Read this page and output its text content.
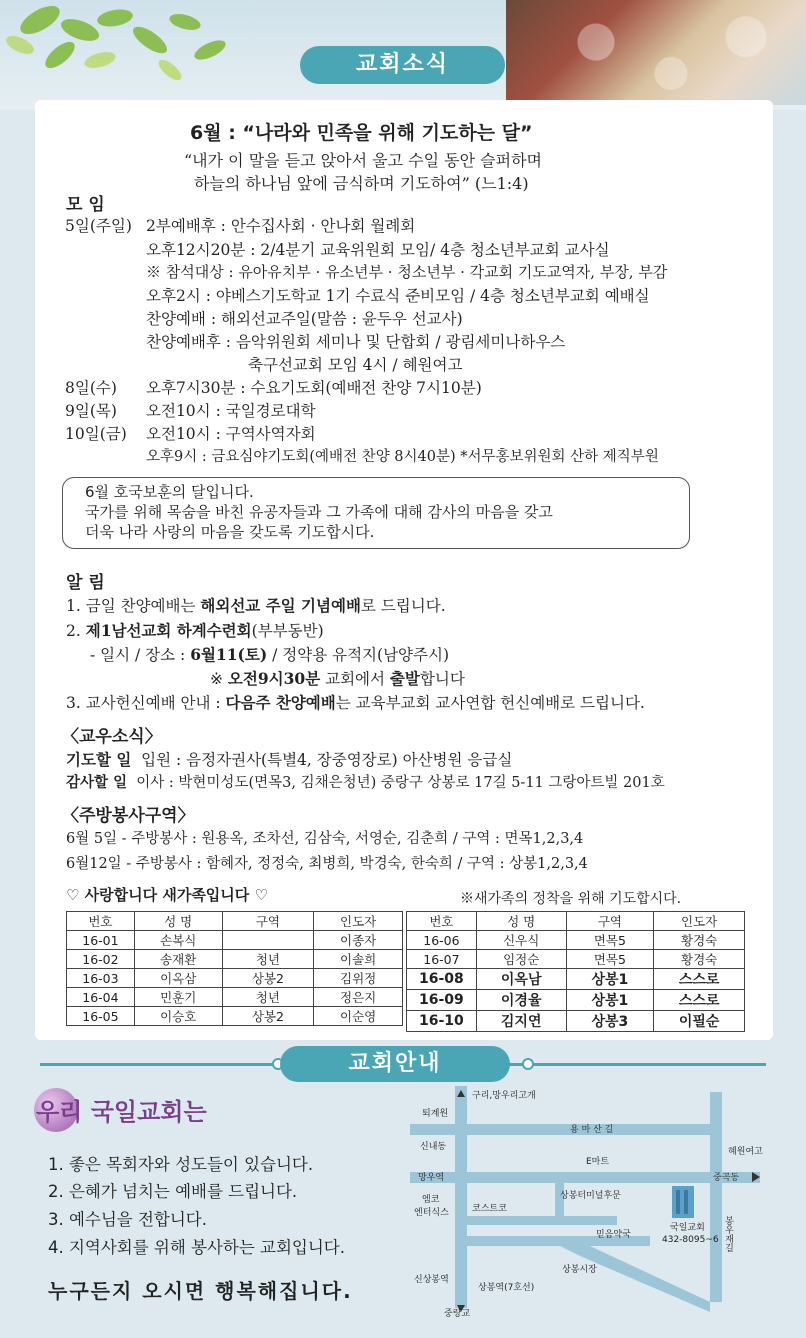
교회소식
6월 : “나라와 민족을 위해 기도하는 달”
“내가 이 말을 듣고 앉아서 울고 수일 동안 슬퍼하며
하늘의 하나님 앞에 금식하며 기도하여” (느1:4)
모 임
5일(주일) 2부예배후 : 안수집사회 · 안나회 월례회
오후12시20분 : 2/4분기 교육위원회 모임/ 4층 청소년부교회 교사실
※ 참석대상 : 유아유치부 · 유소년부 · 청소년부 · 각교회 기도교역자, 부장, 부감
오후2시 : 야베스기도학교 1기 수료식 준비모임 / 4층 청소년부교회 예배실
찬양예배 : 해외선교주일(말씀 : 윤두우 선교사)
찬양예배후 : 음악위원회 세미나 및 단합회 / 광림세미나하우스
축구선교회 모임 4시 / 혜원여고
8일(수) 오후7시30분 : 수요기도회(예배전 찬양 7시10분)
9일(목) 오전10시 : 국일경로대학
10일(금) 오전10시 : 구역사역자회
오후9시 : 금요심야기도회(예배전 찬양 8시40분) *서무홍보위원회 산하 제직부원
6월 호국보훈의 달입니다.
국가를 위해 목숨을 바친 유공자들과 그 가족에 대해 감사의 마음을 갖고
더욱 나라 사랑의 마음을 갖도록 기도합시다.
알 림
1. 금일 찬양예배는 해외선교 주일 기념예배로 드립니다.
2. 제1남선교회 하계수련회(부부동반)
- 일시 / 장소 : 6월11(토) / 정약용 유적지(남양주시)
※ 오전9시30분 교회에서 출발합니다
3. 교사헌신예배 안내 : 다음주 찬양예배는 교육부교회 교사연합 헌신예배로 드립니다.
〈교우소식〉
기도할 일 입원 : 음정자권사(특별4, 장중영장로) 아산병원 응급실
감사할 일 이사 : 박현미성도(면목3, 김채은청년) 중랑구 상봉로 17길 5-11 그랑아트빌 201호
〈주방봉사구역〉
6월 5일 - 주방봉사 : 원용옥, 조차선, 김삼숙, 서영순, 김춘희 / 구역 : 면목1,2,3,4
6월12일 - 주방봉사 : 함혜자, 정정숙, 최병희, 박경숙, 한숙희 / 구역 : 상봉1,2,3,4
♡ 사랑합니다 새가족입니다 ♡	※새가족의 정착을 위해 기도합시다.
번호	성 명	구역	인도자
16-01	손복식		이종자
16-02	송재환	청년	이솔희
16-03	이옥삼	상봉2	김위정
16-04	민훈기	청년	정은지
16-05	이승호	상봉2	이순영
번호	성 명	구역	인도자
16-06	신우식	면목5	황경숙
16-07	임정순	면목5	황경숙
16-08	이옥남	상봉1	스스로
16-09	이경율	상봉1	스스로
16-10	김지연	상봉3	이필순
교회안내
우리 국일교회는
1. 좋은 목회자와 성도들이 있습니다.
2. 은혜가 넘치는 예배를 드립니다.
3. 예수님을 전합니다.
4. 지역사회를 위해 봉사하는 교회입니다.
누구든지 오시면 행복해집니다.
구리,망우리고개
퇴계원
용 마 산 길
신내동	혜원여고
E마트
망우역	중곡동
엠코
엔터식스	코스트코
상봉터미널후문
믿음약국
국일교회
432-8095~6
상봉시장
상봉역(7호선)
신상봉역
중랑교
봉우재길
